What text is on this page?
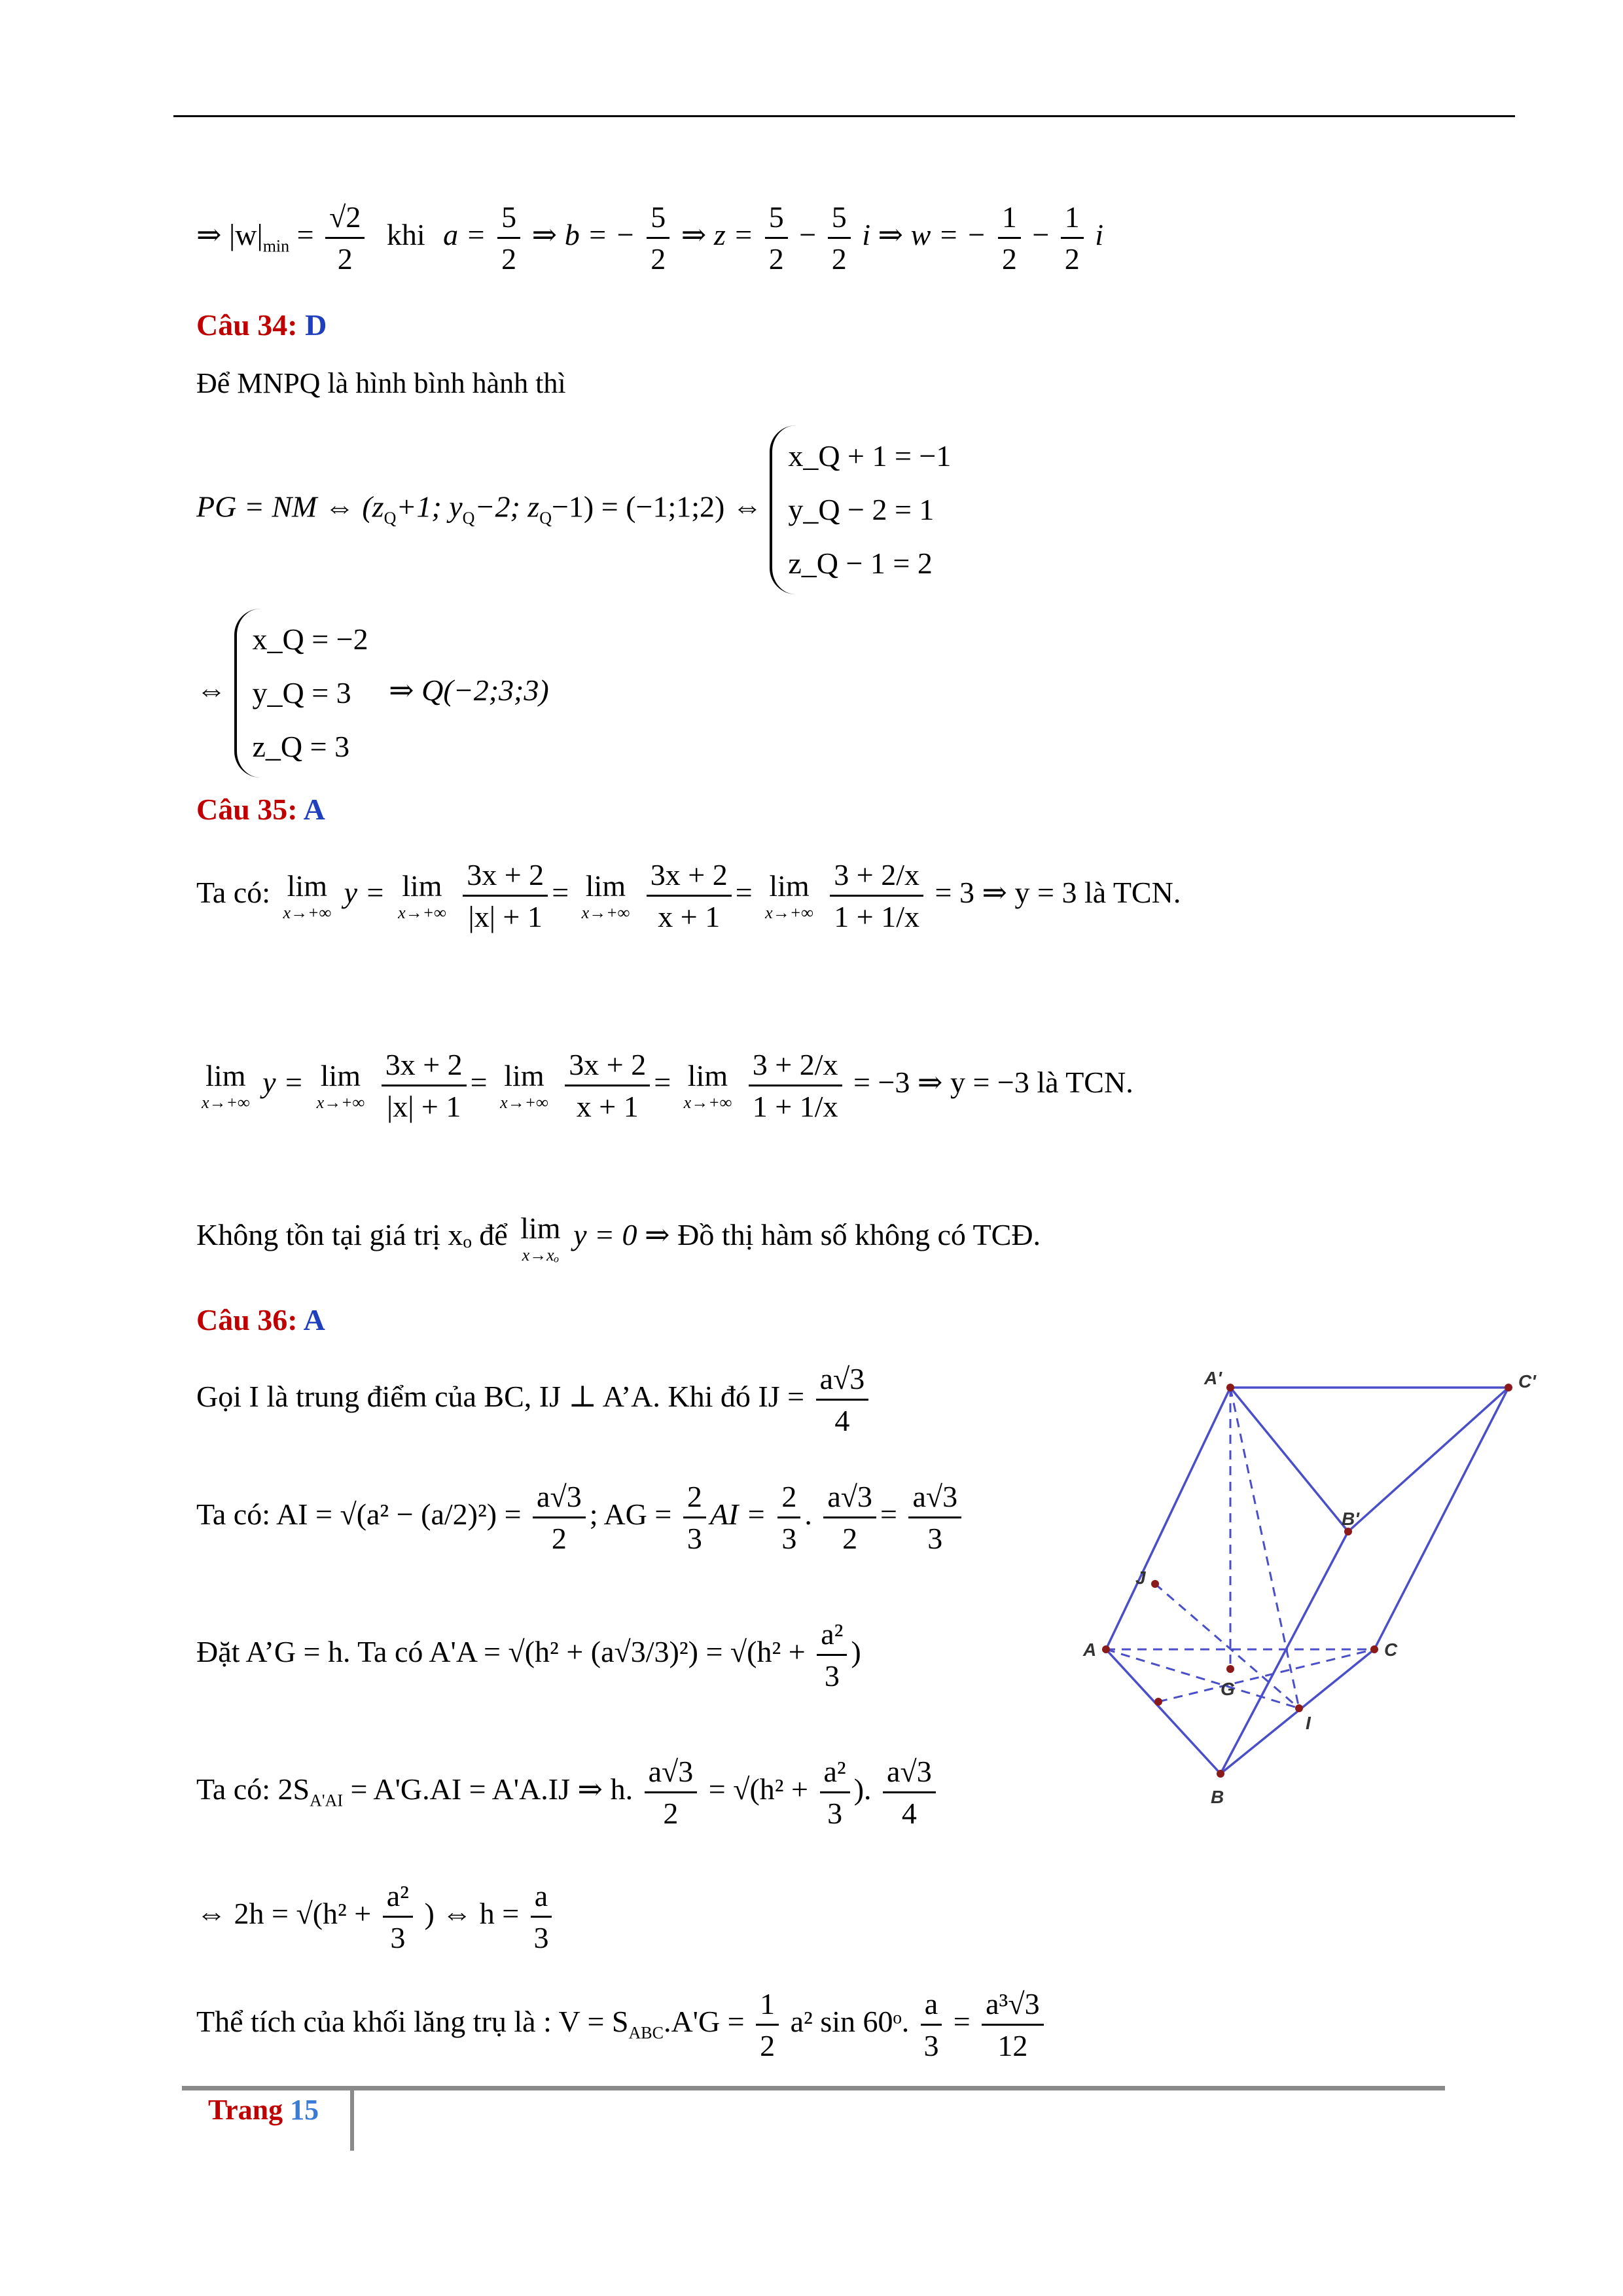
⇒ $|w|_{min} = \frac{√2}{2}$ khi $a = \frac{5}{2}$ ⇒ b = − $\frac{5}{2}$ ⇒ $z = \frac{5}{2} - \frac{5}{2}$ i ⇒ w = − $\frac{1}{2} - \frac{1}{2}$ i
Câu 34: D
Để MNPQ là hình bình hành thì
PG = NM ⇔ ($z_Q+1$; $y_Q-2$; $z_Q-1$) = (−1;1;2) ⇔
x_Q + 1 = −1
y_Q − 2 = 1
z_Q − 1 = 2
⇔
x_Q = −2
y_Q = 3
z_Q = 3
⇒ Q(−2;3;3)
Câu 35: A
Ta có: lim
x→+∞
y = lim
x→+∞
$\frac{3x + 2}{|x| + 1} = \lim$
x→+∞
$\frac{3x + 2}{x + 1} = \lim$
x→+∞
$\frac{3 + 2/x}{1 + 1/x} = 3$ ⇒ y = 3 là TCN.
lim
x→+∞
y = lim
x→+∞
$\frac{3x + 2}{|x| + 1} = \lim$
x→+∞
$\frac{3x + 2}{x + 1} = \lim$
x→+∞
$\frac{3 + 2/x}{1 + 1/x} = -3$ ⇒ y = −3 là TCN.
Không tồn tại giá trị xₒ để lim
x→xₒ
y = 0 ⇒ Đồ thị hàm số không có TCĐ.
Câu 36: A
Gọi I là trung điểm của BC, IJ ⊥ A’A. Khi đó IJ = $\frac{a√3}{4}$
Ta có: AI = $√(a^2 - (a/2)^2) = \frac{a√3}{2}$ ; AG = $\frac{2}{3}$ AI = $\frac{2}{3}$ . $\frac{a√3}{2} = \frac{a√3}{3}$
Đặt A’G = h. Ta có $A'A = √(h^2 + (a√3/3)^2) = √(h^2 + \frac{\text{a²}}{3}$ )
Ta có: $2S_{A'AI} = A'G.AI = A'A.IJ$ ⇒ h. $\frac{a√3}{2} = √(h^2 + \frac{\text{a²}}{3}$ ). $\frac{a√3}{4}$
⇔ $2h = √(h^2 + \frac{\text{a²}}{3}$ ) ⇔ $h = \frac{a}{3}$
Thể tích của khối lăng trụ là : $V = S_{ABC}.A'G = \frac{1}{2} a^2$ sin 60ᵒ. $\frac{a}{3} = \frac{\text{a³√3}}{12}$
A'	C'
B'
J
A	C
G
I
B
Trang 15
